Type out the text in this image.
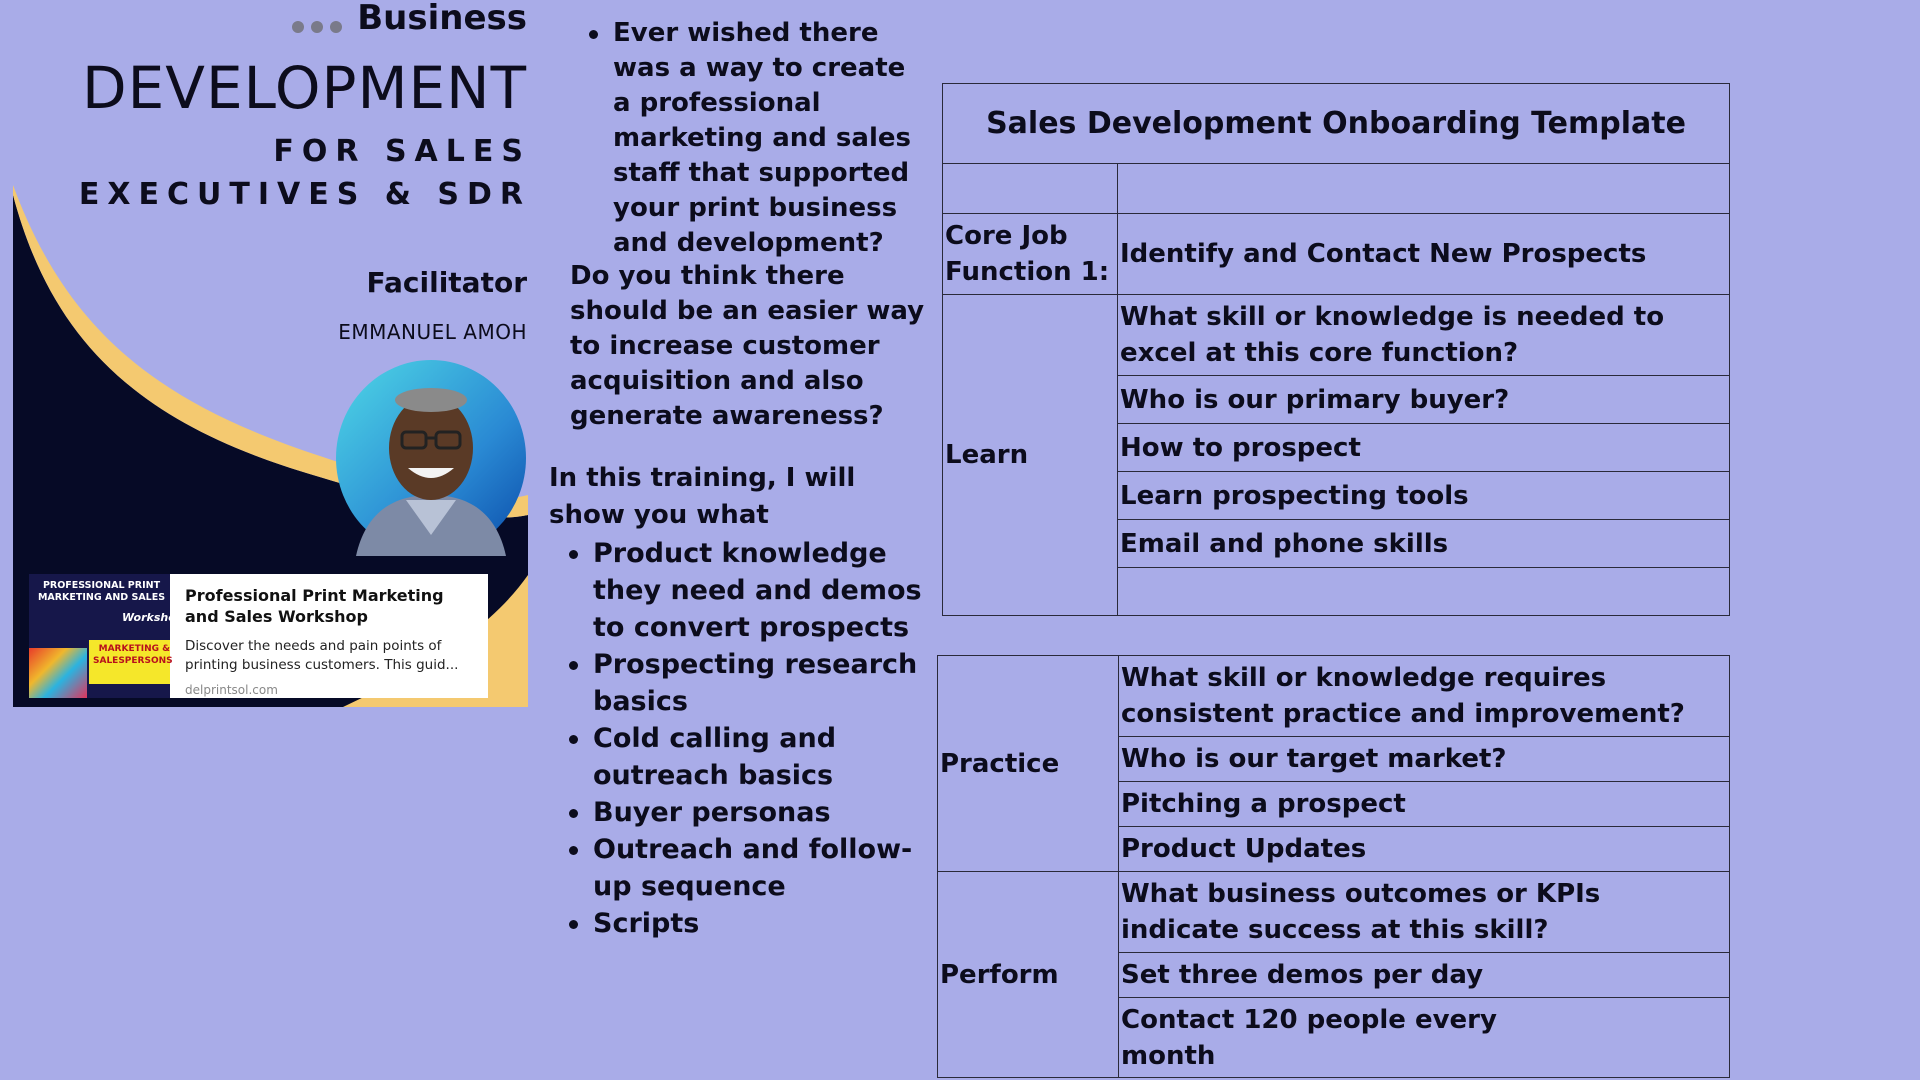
Business
DEVELOPMENT
FOR SALES
EXECUTIVES & SDR
Facilitator
EMMANUEL AMOH
PROFESSIONAL PRINT
MARKETING AND SALES
Workshop
MARKETING &
SALESPERSONS
Professional Print Marketing and Sales Workshop
Discover the needs and pain points of printing business customers. This guid...
delprintsol.com
Ever wished there was a way to create a professional marketing and sales staff that supported your print business and development?
Do you think there should be an easier way to increase customer acquisition and also generate awareness?
In this training, I will show you what
Product knowledge they need and demos to convert prospects
Prospecting research basics
Cold calling and outreach basics
Buyer personas
Outreach and follow-up sequence
Scripts
Sales Development Onboarding Template	

Core Job Function 1:	Identify and Contact New Prospects
Learn	What skill or knowledge is needed to excel at this core function?
	Who is our primary buyer?
	How to prospect
	Learn prospecting tools
	Email and phone skills

Practice	What skill or knowledge requires
consistent practice and improvement?
	Who is our target market?
	Pitching a prospect
	Product Updates
Perform	What business outcomes or KPIs indicate success at this skill?
	Set three demos per day
	Contact 120 people every
month
